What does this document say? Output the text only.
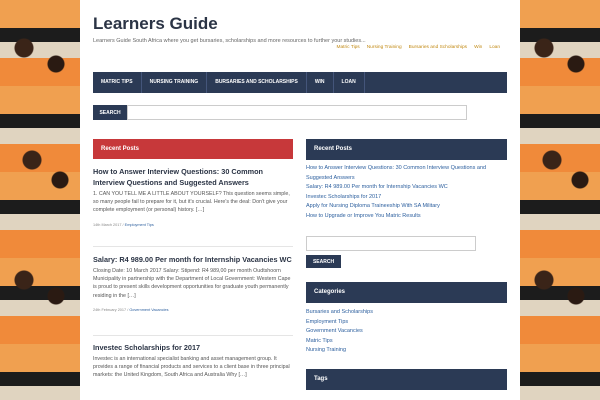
Learners Guide
Learners Guide South Africa where you get bursaries, scholarships and more resources to further your studies...
Matric Tips Nursing Training Bursaries and Scholarships Win Loan
MATRIC TIPS	NURSING TRAINING	BURSARIES AND SCHOLARSHIPS	WIN	LOAN
SEARCH
Recent Posts
How to Answer Interview Questions: 30 Common Interview Questions and Suggested Answers
1. CAN YOU TELL ME A LITTLE ABOUT YOURSELF? This question seems simple, so many people fail to prepare for it, but it's crucial. Here's the deal: Don't give your complete employment (or personal) history. […]
14th March 2017 / Employment Tips
Salary: R4 989.00 Per month for Internship Vacancies WC
Closing Date: 10 March 2017 Salary: Stipend: R4 989,00 per month Oudtshoorn Municipality in partnership with the Department of Local Government: Western Cape is proud to present skills development opportunities for graduate youth permanently residing in the […]
24th February 2017 / Government Vacancies
Investec Scholarships for 2017
Investec is an international specialist banking and asset management group. It provides a range of financial products and services to a client base in three principal markets: the United Kingdom, South Africa and Australia Why […]
Recent Posts
How to Answer Interview Questions: 30 Common Interview Questions and Suggested Answers
Salary: R4 989.00 Per month for Internship Vacancies WC
Investec Scholarships for 2017
Apply for Nursing Diploma Traineeship With SA Military
How to Upgrade or Improve You Matric Results
SEARCH
Categories
Bursaries and Scholarships
Employment Tips
Government Vacancies
Matric Tips
Nursing Training
Tags
